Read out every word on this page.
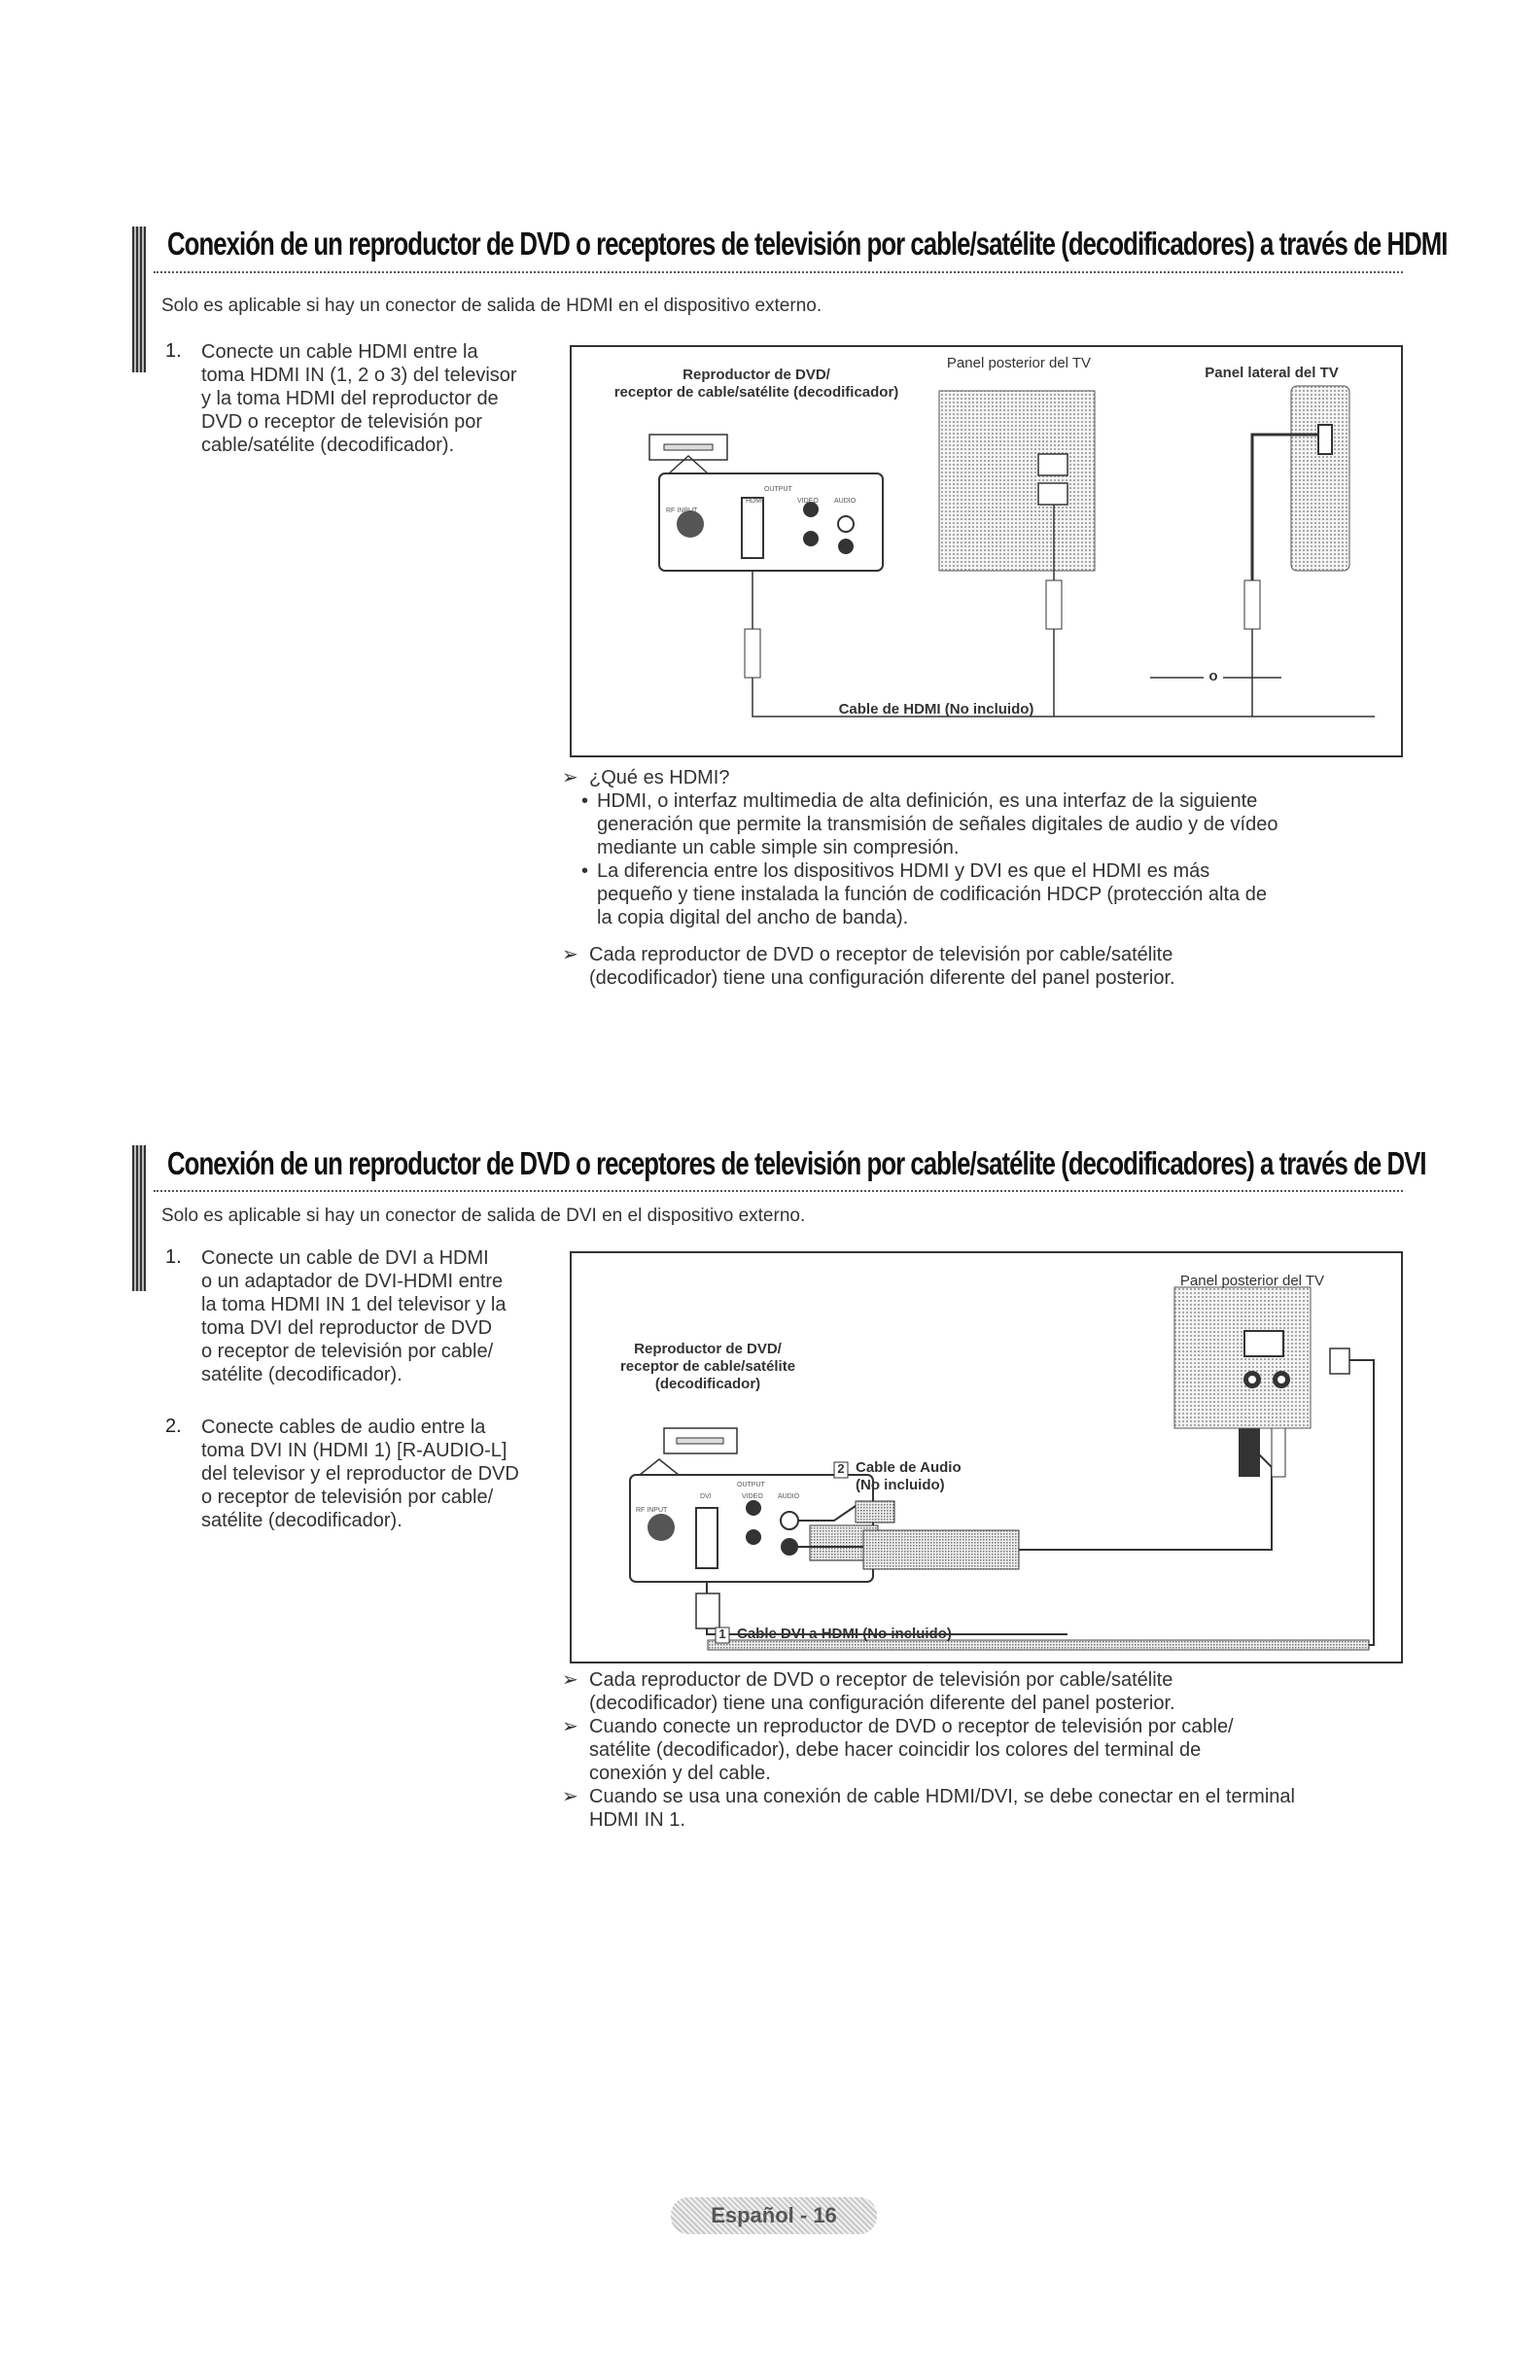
Conexión de un reproductor de DVD o receptores de televisión por cable/satélite (decodificadores) a través de HDMI
Solo es aplicable si hay un conector de salida de HDMI en el dispositivo externo.
1. Conecte un cable HDMI entre la
toma HDMI IN (1, 2 o 3) del televisor
y la toma HDMI del reproductor de
DVD o receptor de televisión por
cable/satélite (decodificador).
OUTPUT
HDMI	VIDEO AUDIO
RF INPUT
Panel posterior del TV
Panel lateral del TV
Reproductor de DVD/
receptor de cable/satélite (decodificador)
Cable de HDMI (No incluido)
o
➢ ¿Qué es HDMI?
• HDMI, o interfaz multimedia de alta definición, es una interfaz de la siguiente
generación que permite la transmisión de señales digitales de audio y de vídeo
mediante un cable simple sin compresión.
• La diferencia entre los dispositivos HDMI y DVI es que el HDMI es más
pequeño y tiene instalada la función de codificación HDCP (protección alta de
la copia digital del ancho de banda).
➢ Cada reproductor de DVD o receptor de televisión por cable/satélite
(decodificador) tiene una configuración diferente del panel posterior.
Conexión de un reproductor de DVD o receptores de televisión por cable/satélite (decodificadores) a través de DVI
Solo es aplicable si hay un conector de salida de DVI en el dispositivo externo.
1. Conecte un cable de DVI a HDMI
o un adaptador de DVI-HDMI entre
la toma HDMI IN 1 del televisor y la
toma DVI del reproductor de DVD
o receptor de televisión por cable/
satélite (decodificador).
2. Conecte cables de audio entre la
toma DVI IN (HDMI 1) [R-AUDIO-L]
del televisor y el reproductor de DVD
o receptor de televisión por cable/
satélite (decodificador).
OUTPUT
DVI	VIDEO AUDIO
RF INPUT
Panel posterior del TV
Reproductor de DVD/
receptor de cable/satélite
(decodificador)
2 Cable de Audio
(No incluido)
1 Cable DVI a HDMI (No incluido)
➢ Cada reproductor de DVD o receptor de televisión por cable/satélite
(decodificador) tiene una configuración diferente del panel posterior.
➢ Cuando conecte un reproductor de DVD o receptor de televisión por cable/
satélite (decodificador), debe hacer coincidir los colores del terminal de
conexión y del cable.
➢ Cuando se usa una conexión de cable HDMI/DVI, se debe conectar en el terminal
HDMI IN 1.
Español - 16
